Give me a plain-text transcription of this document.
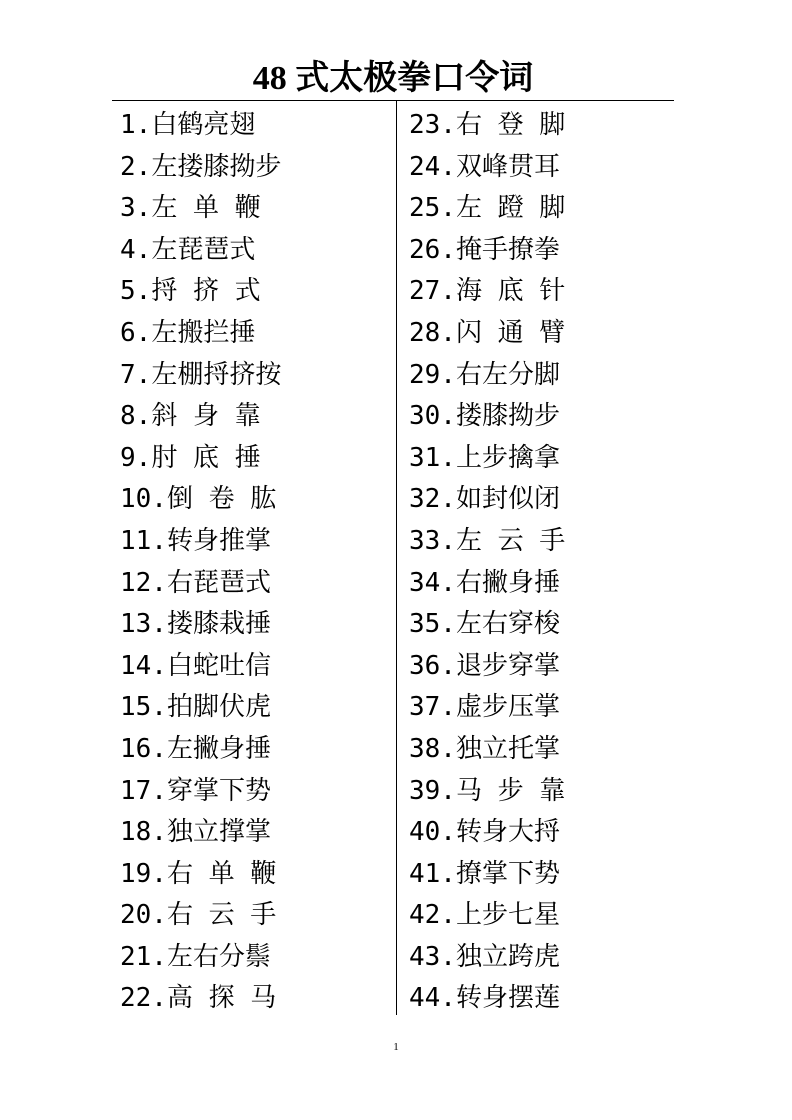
48 式太极拳口令词
1.白鹤亮翅
2.左搂膝拗步
3.左 单 鞭
4.左琵琶式
5.捋 挤 式
6.左搬拦捶
7.左棚捋挤按
8.斜 身 靠
9.肘 底 捶
10.倒 卷 肱
11.转身推掌
12.右琵琶式
13.搂膝栽捶
14.白蛇吐信
15.拍脚伏虎
16.左撇身捶
17.穿掌下势
18.独立撑掌
19.右 单 鞭
20.右 云 手
21.左右分鬃
22.高 探 马
23.右 登 脚
24.双峰贯耳
25.左 蹬 脚
26.掩手撩拳
27.海 底 针
28.闪 通 臂
29.右左分脚
30.搂膝拗步
31.上步擒拿
32.如封似闭
33.左 云 手
34.右撇身捶
35.左右穿梭
36.退步穿掌
37.虚步压掌
38.独立托掌
39.马 步 靠
40.转身大捋
41.撩掌下势
42.上步七星
43.独立跨虎
44.转身摆莲
1
